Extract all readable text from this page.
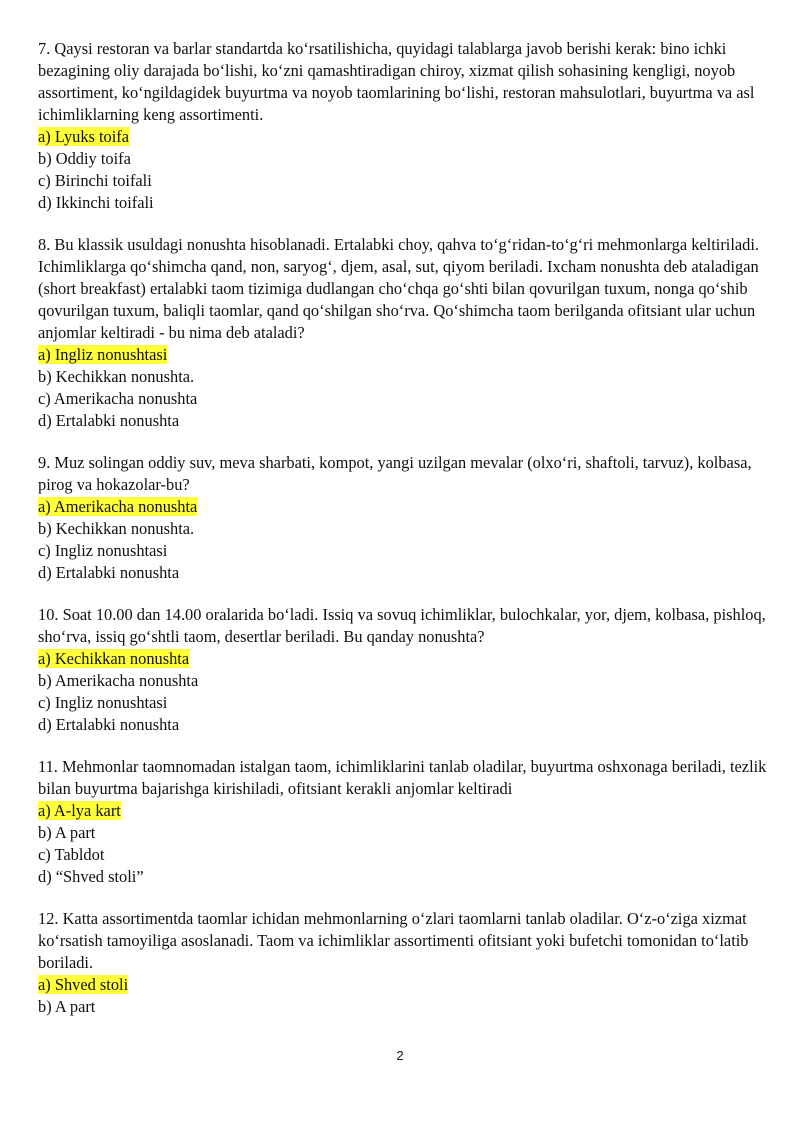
7. Qaysi restoran va barlar standartda koʻrsatilishicha, quyidagi talablarga javob berishi kerak: bino ichki bezagining oliy darajada boʻlishi, koʻzni qamashtiradigan chiroy, xizmat qilish sohasining kengligi, noyob assortiment, koʻngildagidek buyurtma va noyob taomlarining boʻlishi, restoran mahsulotlari, buyurtma va asl ichimliklarning keng assortimenti.

a) Lyuks toifa

b) Oddiy toifa

c) Birinchi toifali

d) Ikkinchi toifali

8. Bu klassik usuldagi nonushta hisoblanadi. Ertalabki choy, qahva toʻgʻridan-toʻgʻri mehmonlarga keltiriladi. Ichimliklarga qoʻshimcha qand, non, saryogʻ, djem, asal, sut, qiyom beriladi. Ixcham nonushta deb ataladigan (short breakfast) ertalabki taom tizimiga dudlangan choʻchqa goʻshti bilan qovurilgan tuxum, nonga qoʻshib qovurilgan tuxum, baliqli taomlar, qand qoʻshilgan shoʻrva. Qoʻshimcha taom berilganda ofitsiant ular uchun anjomlar keltiradi - bu nima deb ataladi?

a) Ingliz nonushtasi

b) Kechikkan nonushta.

c) Amerikacha nonushta

d) Ertalabki nonushta

9. Muz solingan oddiy suv, meva sharbati, kompot, yangi uzilgan mevalar (olxoʻri, shaftoli, tarvuz), kolbasa, pirog va hokazolar-bu?

a) Amerikacha nonushta

b) Kechikkan nonushta.

c) Ingliz nonushtasi

d) Ertalabki nonushta

10. Soat 10.00 dan 14.00 oralarida boʻladi. Issiq va sovuq ichimliklar, bulochkalar, yor, djem, kolbasa, pishloq, shoʻrva, issiq goʻshtli taom, desertlar beriladi. Bu qanday nonushta?

a) Kechikkan nonushta

b) Amerikacha nonushta

c) Ingliz nonushtasi

d) Ertalabki nonushta

11. Mehmonlar taomnomadan istalgan taom, ichimliklarini tanlab oladilar, buyurtma oshxonaga beriladi, tezlik bilan buyurtma bajarishga kirishiladi, ofitsiant kerakli anjomlar keltiradi

a) A-lya kart

b) A part

c) Tabldot

d) “Shved stoli”

12. Katta assortimentda taomlar ichidan mehmonlarning oʻzlari taomlarni tanlab oladilar. Oʻz-oʻziga xizmat koʻrsatish tamoyiliga asoslanadi. Taom va ichimliklar assortimenti ofitsiant yoki bufetchi tomonidan toʻlatib boriladi.

a) Shved stoli

b) A part

2
